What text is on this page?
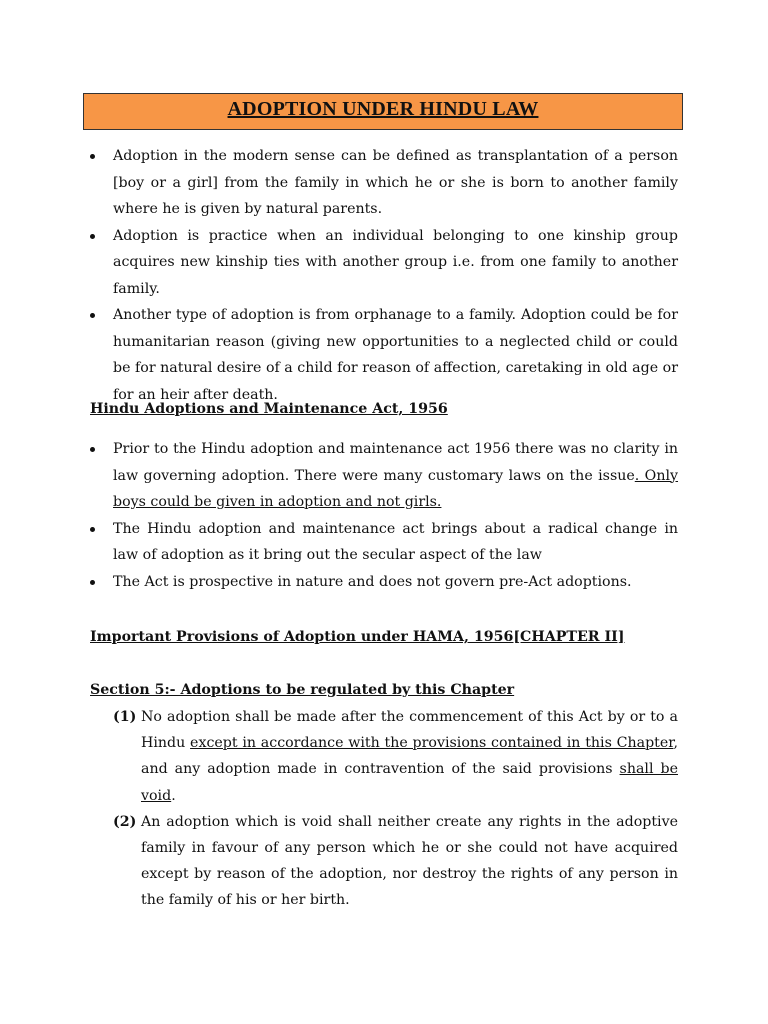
ADOPTION UNDER HINDU LAW
Adoption in the modern sense can be defined as transplantation of a person [boy or a girl] from the family in which he or she is born to another family where he is given by natural parents.
Adoption is practice when an individual belonging to one kinship group acquires new kinship ties with another group i.e. from one family to another family.
Another type of adoption is from orphanage to a family. Adoption could be for humanitarian reason (giving new opportunities to a neglected child or could be for natural desire of a child for reason of affection, caretaking in old age or for an heir after death.
Hindu Adoptions and Maintenance Act, 1956
Prior to the Hindu adoption and maintenance act 1956 there was no clarity in law governing adoption. There were many customary laws on the issue. Only boys could be given in adoption and not girls.
The Hindu adoption and maintenance act brings about a radical change in law of adoption as it bring out the secular aspect of the law
The Act is prospective in nature and does not govern pre-Act adoptions.
Important Provisions of Adoption under HAMA, 1956[CHAPTER II]
Section 5:- Adoptions to be regulated by this Chapter
(1) No adoption shall be made after the commencement of this Act by or to a Hindu except in accordance with the provisions contained in this Chapter, and any adoption made in contravention of the said provisions shall be void.
(2) An adoption which is void shall neither create any rights in the adoptive family in favour of any person which he or she could not have acquired except by reason of the adoption, nor destroy the rights of any person in the family of his or her birth.
